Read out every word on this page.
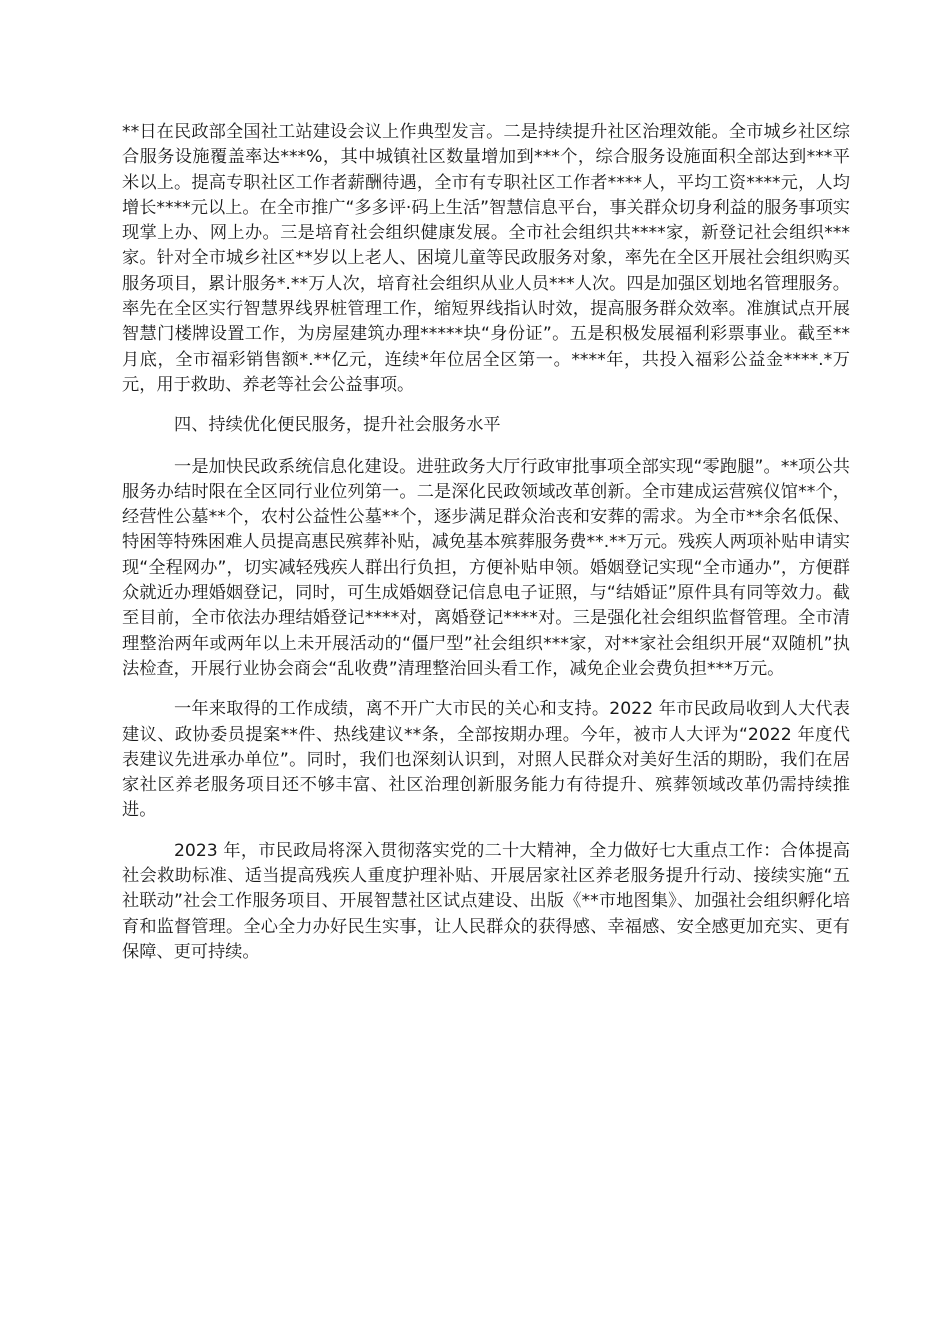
**日在民政部全国社工站建设会议上作典型发言。二是持续提升社区治理效能。全市城乡社区综合服务设施覆盖率达***%，其中城镇社区数量增加到***个，综合服务设施面积全部达到***平米以上。提高专职社区工作者薪酬待遇，全市有专职社区工作者****人，平均工资****元，人均增长****元以上。在全市推广“多多评·码上生活”智慧信息平台，事关群众切身利益的服务事项实现掌上办、网上办。三是培育社会组织健康发展。全市社会组织共****家，新登记社会组织***家。针对全市城乡社区**岁以上老人、困境儿童等民政服务对象，率先在全区开展社会组织购买服务项目，累计服务*.**万人次，培育社会组织从业人员***人次。四是加强区划地名管理服务。率先在全区实行智慧界线界桩管理工作，缩短界线指认时效，提高服务群众效率。准旗试点开展智慧门楼牌设置工作，为房屋建筑办理*****块“身份证”。五是积极发展福利彩票事业。截至**月底，全市福彩销售额*.**亿元，连续*年位居全区第一。****年，共投入福彩公益金****.*万元，用于救助、养老等社会公益事项。

四、持续优化便民服务，提升社会服务水平

一是加快民政系统信息化建设。进驻政务大厅行政审批事项全部实现“零跑腿”。**项公共服务办结时限在全区同行业位列第一。二是深化民政领域改革创新。全市建成运营殡仪馆**个，经营性公墓**个，农村公益性公墓**个，逐步满足群众治丧和安葬的需求。为全市**余名低保、特困等特殊困难人员提高惠民殡葬补贴，减免基本殡葬服务费**.**万元。残疾人两项补贴申请实现“全程网办”，切实减轻残疾人群出行负担，方便补贴申领。婚姻登记实现“全市通办”，方便群众就近办理婚姻登记，同时，可生成婚姻登记信息电子证照，与“结婚证”原件具有同等效力。截至目前，全市依法办理结婚登记****对，离婚登记****对。三是强化社会组织监督管理。全市清理整治两年或两年以上未开展活动的“僵尸型”社会组织***家，对**家社会组织开展“双随机”执法检查，开展行业协会商会“乱收费”清理整治回头看工作，减免企业会费负担***万元。

一年来取得的工作成绩，离不开广大市民的关心和支持。2022 年市民政局收到人大代表建议、政协委员提案**件、热线建议**条，全部按期办理。今年，被市人大评为“2022 年度代表建议先进承办单位”。同时，我们也深刻认识到，对照人民群众对美好生活的期盼，我们在居家社区养老服务项目还不够丰富、社区治理创新服务能力有待提升、殡葬领域改革仍需持续推进。

2023 年，市民政局将深入贯彻落实党的二十大精神，全力做好七大重点工作：合体提高社会救助标准、适当提高残疾人重度护理补贴、开展居家社区养老服务提升行动、接续实施“五社联动”社会工作服务项目、开展智慧社区试点建设、出版《**市地图集》、加强社会组织孵化培育和监督管理。全心全力办好民生实事，让人民群众的获得感、幸福感、安全感更加充实、更有保障、更可持续。
